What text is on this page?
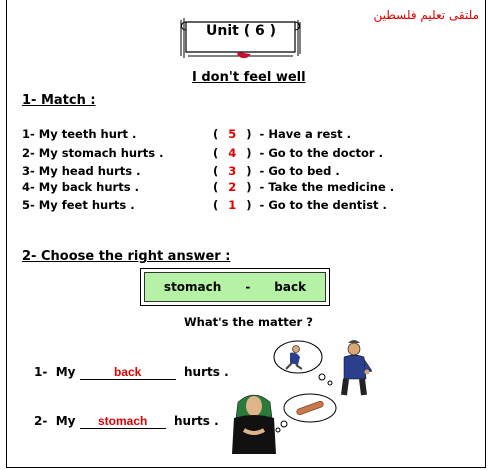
ملتقى تعليم فلسطين
Unit ( 6 )
I don't feel well
1- Match :
1- My teeth hurt .
2- My stomach hurts .
3- My head hurts .
4- My back hurts .
5- My feet hurts .
( 5 )  - Have a rest .
( 4 )  - Go to the doctor .
( 3 )  - Go to bed .
( 2 )  - Take the medicine .
( 1 )  - Go to the dentist .
2- Choose the right answer :
stomach - back
What's the matter ?
1- My	back	hurts .
2- My stomach hurts .
